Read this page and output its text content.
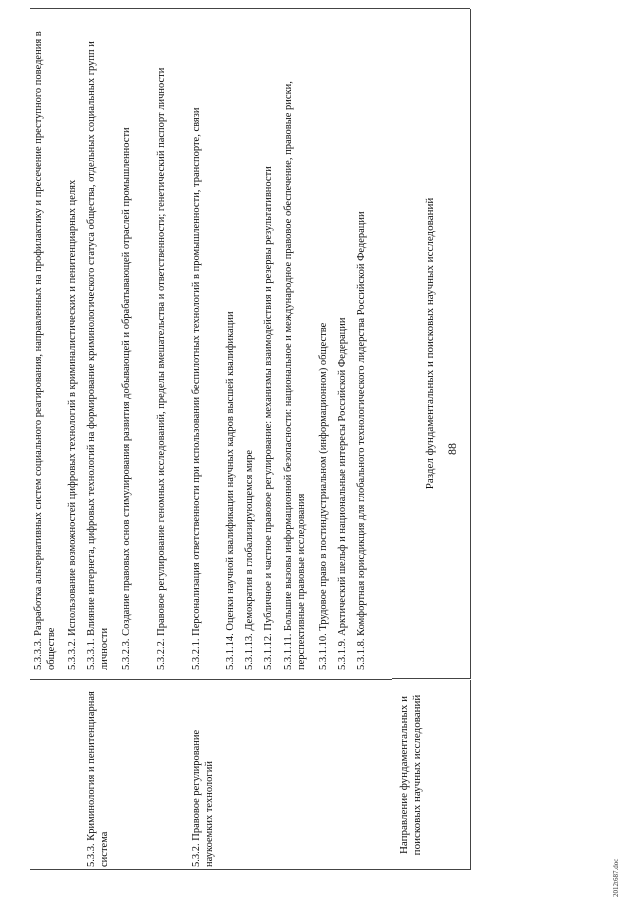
88
Направление фундаментальных и поисковых научных исследований
Раздел фундаментальных и поисковых научных исследований
5.3.1.8. Комфортная юрисдикция для глобального технологического лидерства Российской Федерации
5.3.1.9. Арктический шельф и национальные интересы Российской Федерации
5.3.1.10. Трудовое право в постиндустриальном (информационном) обществе
5.3.1.11. Большие вызовы информационной безопасности: национальное и международное правовое обеспечение, правовые риски, перспективные правовые исследования
5.3.1.12. Публичное и частное правовое регулирование: механизмы взаимодействия и резервы результативности
5.3.1.13. Демократия в глобализирующемся мире
5.3.1.14. Оценки научной квалификации научных кадров высшей квалификации
5.3.2. Правовое регулирование наукоемких технологий
5.3.2.1. Персонализация ответственности при использовании беспилотных технологий в промышленности, транспорте, связи
5.3.2.2. Правовое регулирование геномных исследований, пределы вмешательства и ответственности; генетический паспорт личности
5.3.2.3. Создание правовых основ стимулирования развития добывающей и обрабатывающей отраслей промышленности
5.3.3. Криминология и пенитенциарная система
5.3.3.1. Влияние интернета, цифровых технологий на формирование криминологического статуса общества, отдельных социальных групп и личности
5.3.3.2. Использование возможностей цифровых технологий в криминалистических и пенитенциарных целях
5.3.3.3. Разработка альтернативных систем социального реагирования, направленных на профилактику и пресечение преступного поведения в обществе
2012t687.doc
